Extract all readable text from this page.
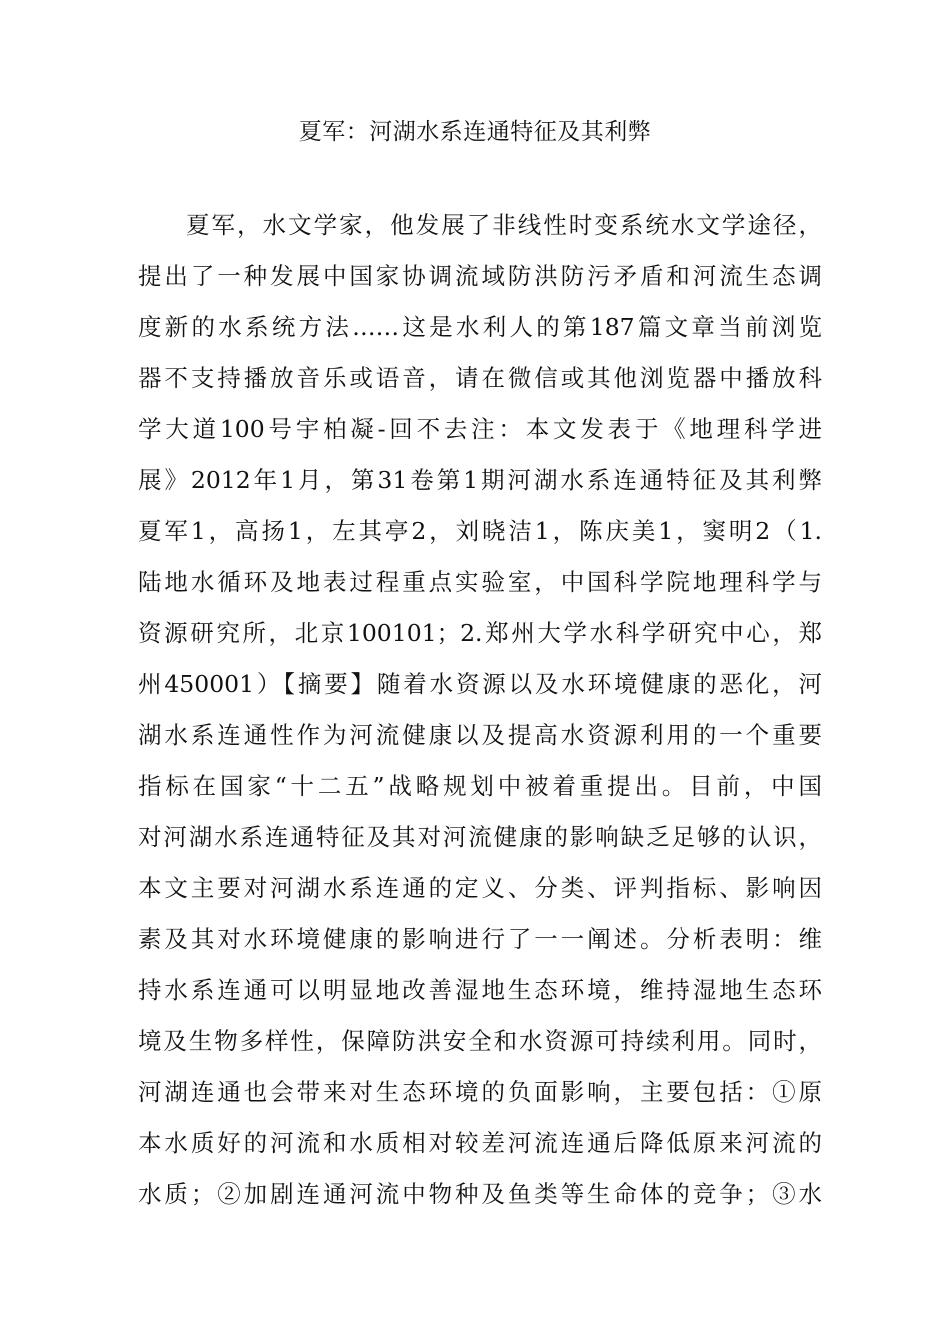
夏军：河湖水系连通特征及其利弊
夏军，水文学家，他发展了非线性时变系统水文学途径，
提出了一种发展中国家协调流域防洪防污矛盾和河流生态调
度新的水系统方法……这是水利人的第187篇文章当前浏览
器不支持播放音乐或语音，请在微信或其他浏览器中播放科
学大道100号宇柏凝-回不去注：本文发表于《地理科学进
展》2012年1月，第31卷第1期河湖水系连通特征及其利弊
夏军1，高扬1，左其亭2，刘晓洁1，陈庆美1，窦明2（1.
陆地水循环及地表过程重点实验室，中国科学院地理科学与
资源研究所，北京100101；2.郑州大学水科学研究中心，郑
州450001）【摘要】随着水资源以及水环境健康的恶化，河
湖水系连通性作为河流健康以及提高水资源利用的一个重要
指标在国家“十二五”战略规划中被着重提出。目前，中国
对河湖水系连通特征及其对河流健康的影响缺乏足够的认识，
本文主要对河湖水系连通的定义、分类、评判指标、影响因
素及其对水环境健康的影响进行了一一阐述。分析表明：维
持水系连通可以明显地改善湿地生态环境，维持湿地生态环
境及生物多样性，保障防洪安全和水资源可持续利用。同时，
河湖连通也会带来对生态环境的负面影响，主要包括：①原
本水质好的河流和水质相对较差河流连通后降低原来河流的
水质；②加剧连通河流中物种及鱼类等生命体的竞争；③水
